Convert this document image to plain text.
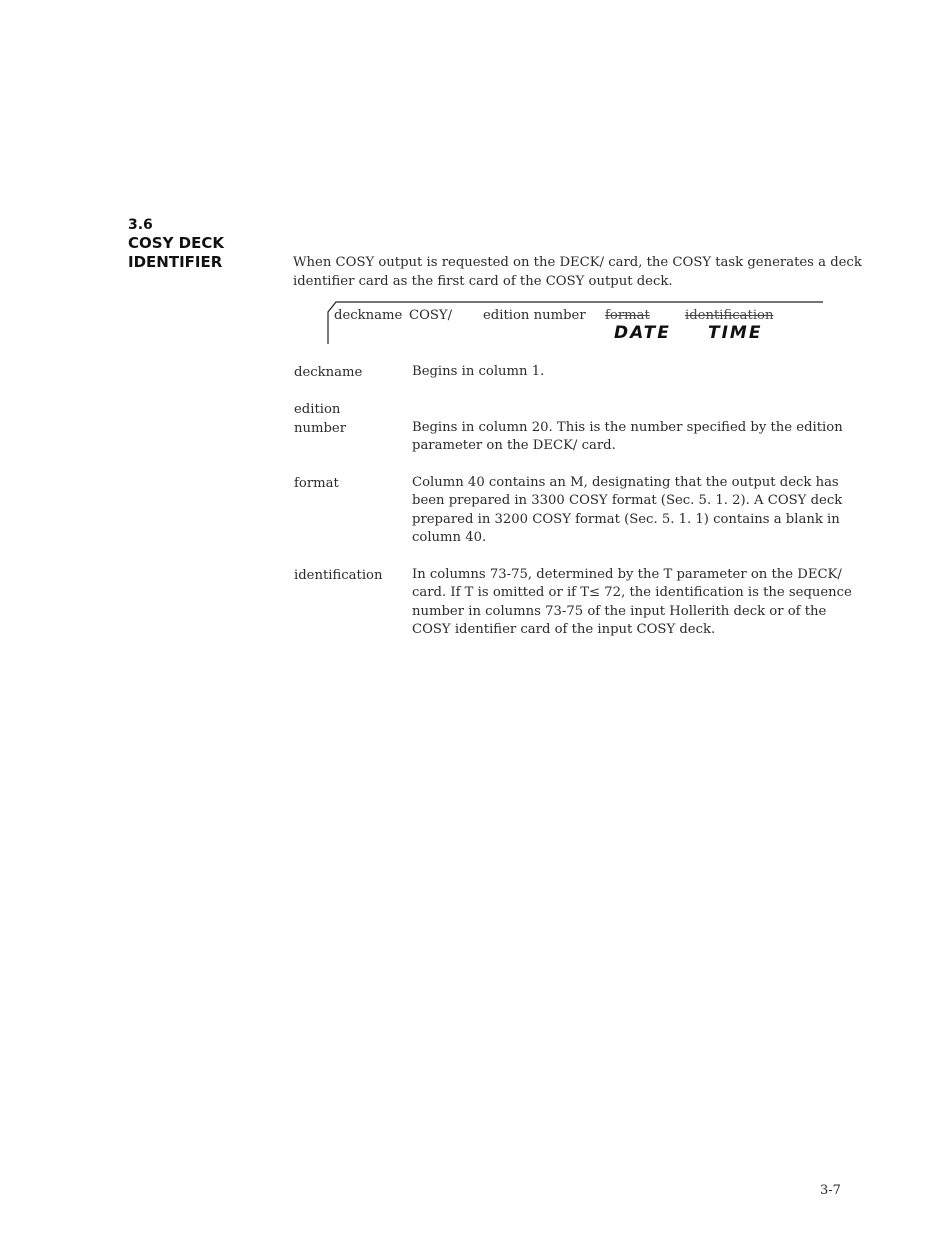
3.6
COSY DECK IDENTIFIER	When COSY output is requested on the DECK/ card, the COSY task generates a deck identifier card as the first card of the COSY output deck.

deckname COSY/ edition number format	identification
DATE TIME

deckname	Begins in column 1.

edition

number	Begins in column 20. This is the number specified by the edition parameter on the DECK/ card.

format	Column 40 contains an M, designating that the output deck has been prepared in 3300 COSY format (Sec. 5. 1. 2). A COSY deck prepared in 3200 COSY format (Sec. 5. 1. 1) contains a blank in column 40.

identification	In columns 73-75, determined by the T parameter on the DECK/ card. If T is omitted or if T≤ 72, the identification is the sequence number in columns 73-75 of the input Hollerith deck or of the COSY identifier card of the input COSY deck.

3-7
